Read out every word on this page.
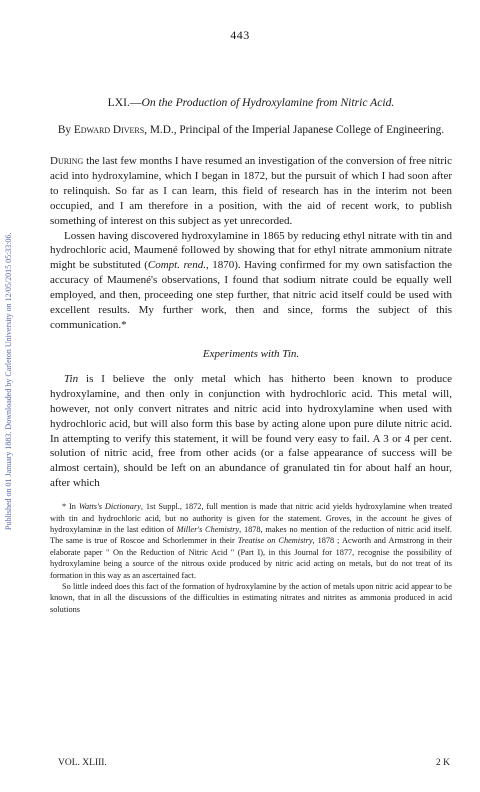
443
Published on 01 January 1883. Downloaded by Carleton University on 12/05/2015 05:33:06.
LXI.—On the Production of Hydroxylamine from Nitric Acid.
By Edward Divers, M.D., Principal of the Imperial Japanese College of Engineering.

During the last few months I have resumed an investigation of the conversion of free nitric acid into hydroxylamine, which I began in 1872, but the pursuit of which I had soon after to relinquish. So far as I can learn, this field of research has in the interim not been occupied, and I am therefore in a position, with the aid of recent work, to publish something of interest on this subject as yet unrecorded.

Lossen having discovered hydroxylamine in 1865 by reducing ethyl nitrate with tin and hydrochloric acid, Maumené followed by showing that for ethyl nitrate ammonium nitrate might be substituted (Compt. rend., 1870). Having confirmed for my own satisfaction the accuracy of Maumené's observations, I found that sodium nitrate could be equally well employed, and then, proceeding one step further, that nitric acid itself could be used with excellent results. My further work, then and since, forms the subject of this communication.*

Experiments with Tin.

Tin is I believe the only metal which has hitherto been known to produce hydroxylamine, and then only in conjunction with hydrochloric acid. This metal will, however, not only convert nitrates and nitric acid into hydroxylamine when used with hydrochloric acid, but will also form this base by acting alone upon pure dilute nitric acid. In attempting to verify this statement, it will be found very easy to fail. A 3 or 4 per cent. solution of nitric acid, free from other acids (or a false appearance of success will be almost certain), should be left on an abundance of granulated tin for about half an hour, after which

* In Watts's Dictionary, 1st Suppl., 1872, full mention is made that nitric acid yields hydroxylamine when treated with tin and hydrochloric acid, but no authority is given for the statement. Groves, in the account he gives of hydroxylaminæ in the last edition of Miller's Chemistry, 1878, makes no mention of the reduction of nitric acid itself. The same is true of Roscoe and Schorlemmer in their Treatise on Chemistry, 1878 ; Acworth and Armstrong in their elaborate paper " On the Reduction of Nitric Acid " (Part I), in this Journal for 1877, recognise the possibility of hydroxylamine being a source of the nitrous oxide produced by nitric acid acting on metals, but do not treat of its formation in this way as an ascertained fact.

So little indeed does this fact of the formation of hydroxylamine by the action of metals upon nitric acid appear to be known, that in all the discussions of the difficulties in estimating nitrates and nitrites as ammonia produced in acid solutions

VOL. XLIII.	2 K
